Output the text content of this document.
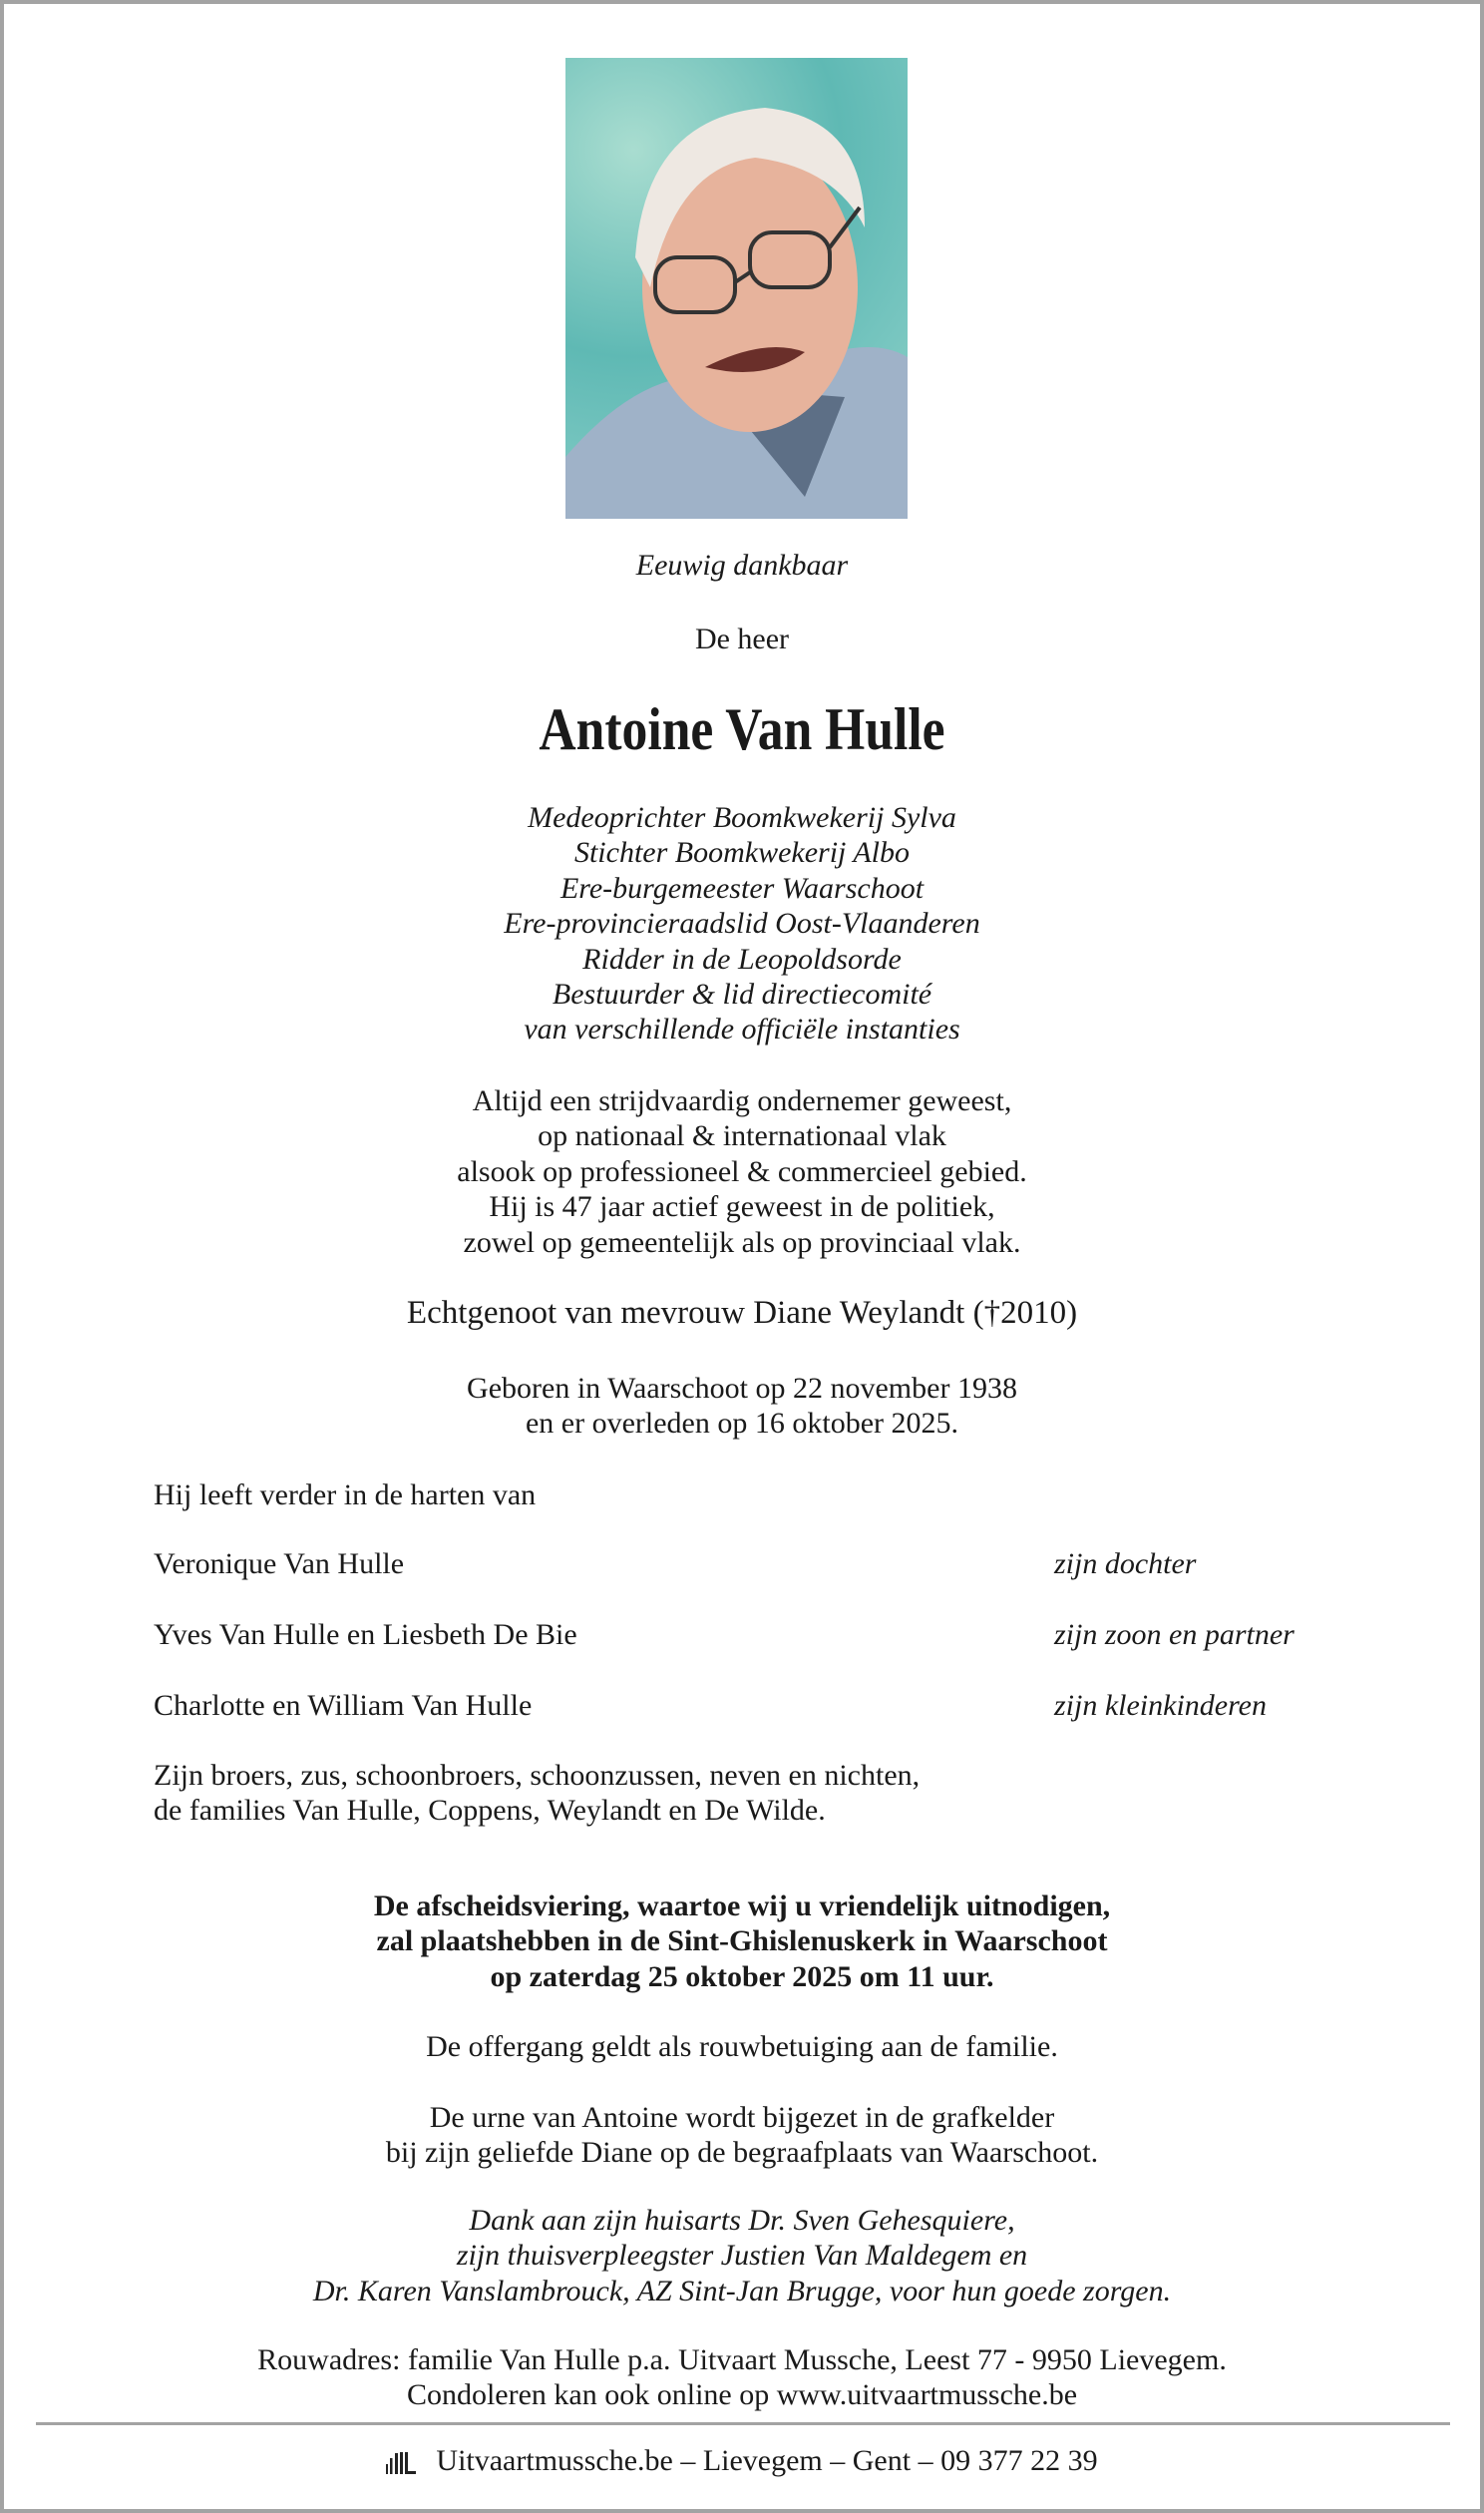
Eeuwig dankbaar
De heer
Antoine Van Hulle
Medeoprichter Boomkwekerij Sylva
Stichter Boomkwekerij Albo
Ere-burgemeester Waarschoot
Ere-provincieraadslid Oost-Vlaanderen
Ridder in de Leopoldsorde
Bestuurder & lid directiecomité
van verschillende officiële instanties
Altijd een strijdvaardig ondernemer geweest,
op nationaal & internationaal vlak
alsook op professioneel & commercieel gebied.
Hij is 47 jaar actief geweest in de politiek,
zowel op gemeentelijk als op provinciaal vlak.
Echtgenoot van mevrouw Diane Weylandt (†2010)
Geboren in Waarschoot op 22 november 1938
en er overleden op 16 oktober 2025.
Hij leeft verder in de harten van
Veronique Van Hulle	zijn dochter
Yves Van Hulle en Liesbeth De Bie	zijn zoon en partner
Charlotte en William Van Hulle	zijn kleinkinderen
Zijn broers, zus, schoonbroers, schoonzussen, neven en nichten,
de families Van Hulle, Coppens, Weylandt en De Wilde.
De afscheidsviering, waartoe wij u vriendelijk uitnodigen,
zal plaatshebben in de Sint-Ghislenuskerk in Waarschoot
op zaterdag 25 oktober 2025 om 11 uur.
De offergang geldt als rouwbetuiging aan de familie.
De urne van Antoine wordt bijgezet in de grafkelder
bij zijn geliefde Diane op de begraafplaats van Waarschoot.
Dank aan zijn huisarts Dr. Sven Gehesquiere,
zijn thuisverpleegster Justien Van Maldegem en
Dr. Karen Vanslambrouck, AZ Sint-Jan Brugge, voor hun goede zorgen.
Rouwadres: familie Van Hulle p.a. Uitvaart Mussche, Leest 77 - 9950 Lievegem.
Condoleren kan ook online op www.uitvaartmussche.be
Uitvaartmussche.be – Lievegem – Gent – 09 377 22 39
